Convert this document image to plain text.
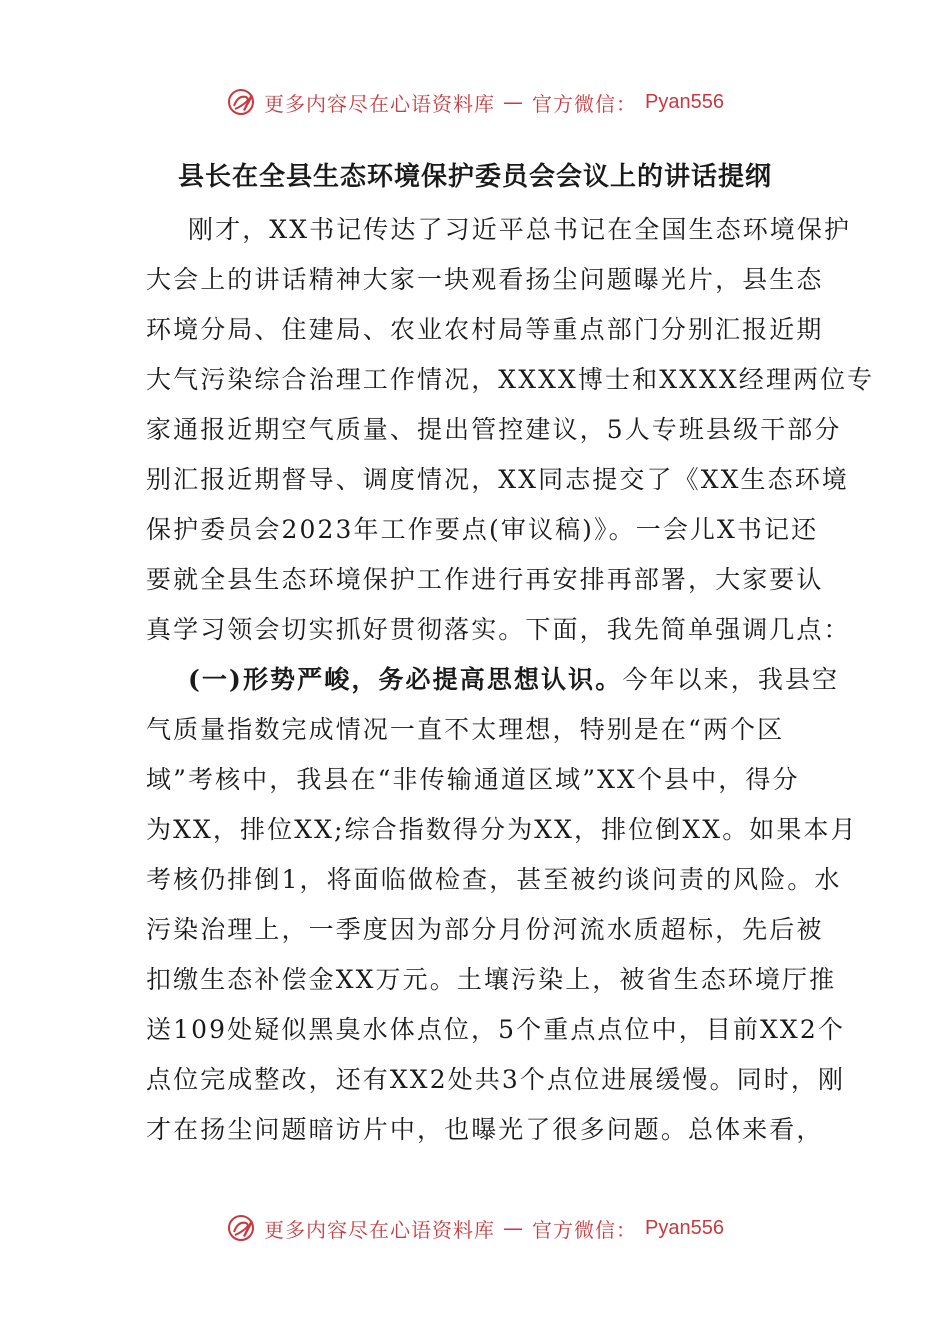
更多内容尽在心语资料库 — 官方微信： Pyan556
县长在全县生态环境保护委员会会议上的讲话提纲
刚才，XX书记传达了习近平总书记在全国生态环境保护
大会上的讲话精神大家一块观看扬尘问题曝光片，县生态
环境分局、住建局、农业农村局等重点部门分别汇报近期
大气污染综合治理工作情况，XXXX博士和XXXX经理两位专
家通报近期空气质量、提出管控建议，5人专班县级干部分
别汇报近期督导、调度情况，XX同志提交了《XX生态环境
保护委员会2023年工作要点(审议稿)》。一会儿X书记还
要就全县生态环境保护工作进行再安排再部署，大家要认
真学习领会切实抓好贯彻落实。下面，我先简单强调几点：
(一)形势严峻，务必提高思想认识。今年以来，我县空
气质量指数完成情况一直不太理想，特别是在“两个区
域”考核中，我县在“非传输通道区域”XX个县中，得分
为XX，排位XX;综合指数得分为XX，排位倒XX。如果本月
考核仍排倒1，将面临做检查，甚至被约谈问责的风险。水
污染治理上，一季度因为部分月份河流水质超标，先后被
扣缴生态补偿金XX万元。土壤污染上，被省生态环境厅推
送109处疑似黑臭水体点位，5个重点点位中，目前XX2个
点位完成整改，还有XX2处共3个点位进展缓慢。同时，刚
才在扬尘问题暗访片中，也曝光了很多问题。总体来看，
更多内容尽在心语资料库 — 官方微信： Pyan556
